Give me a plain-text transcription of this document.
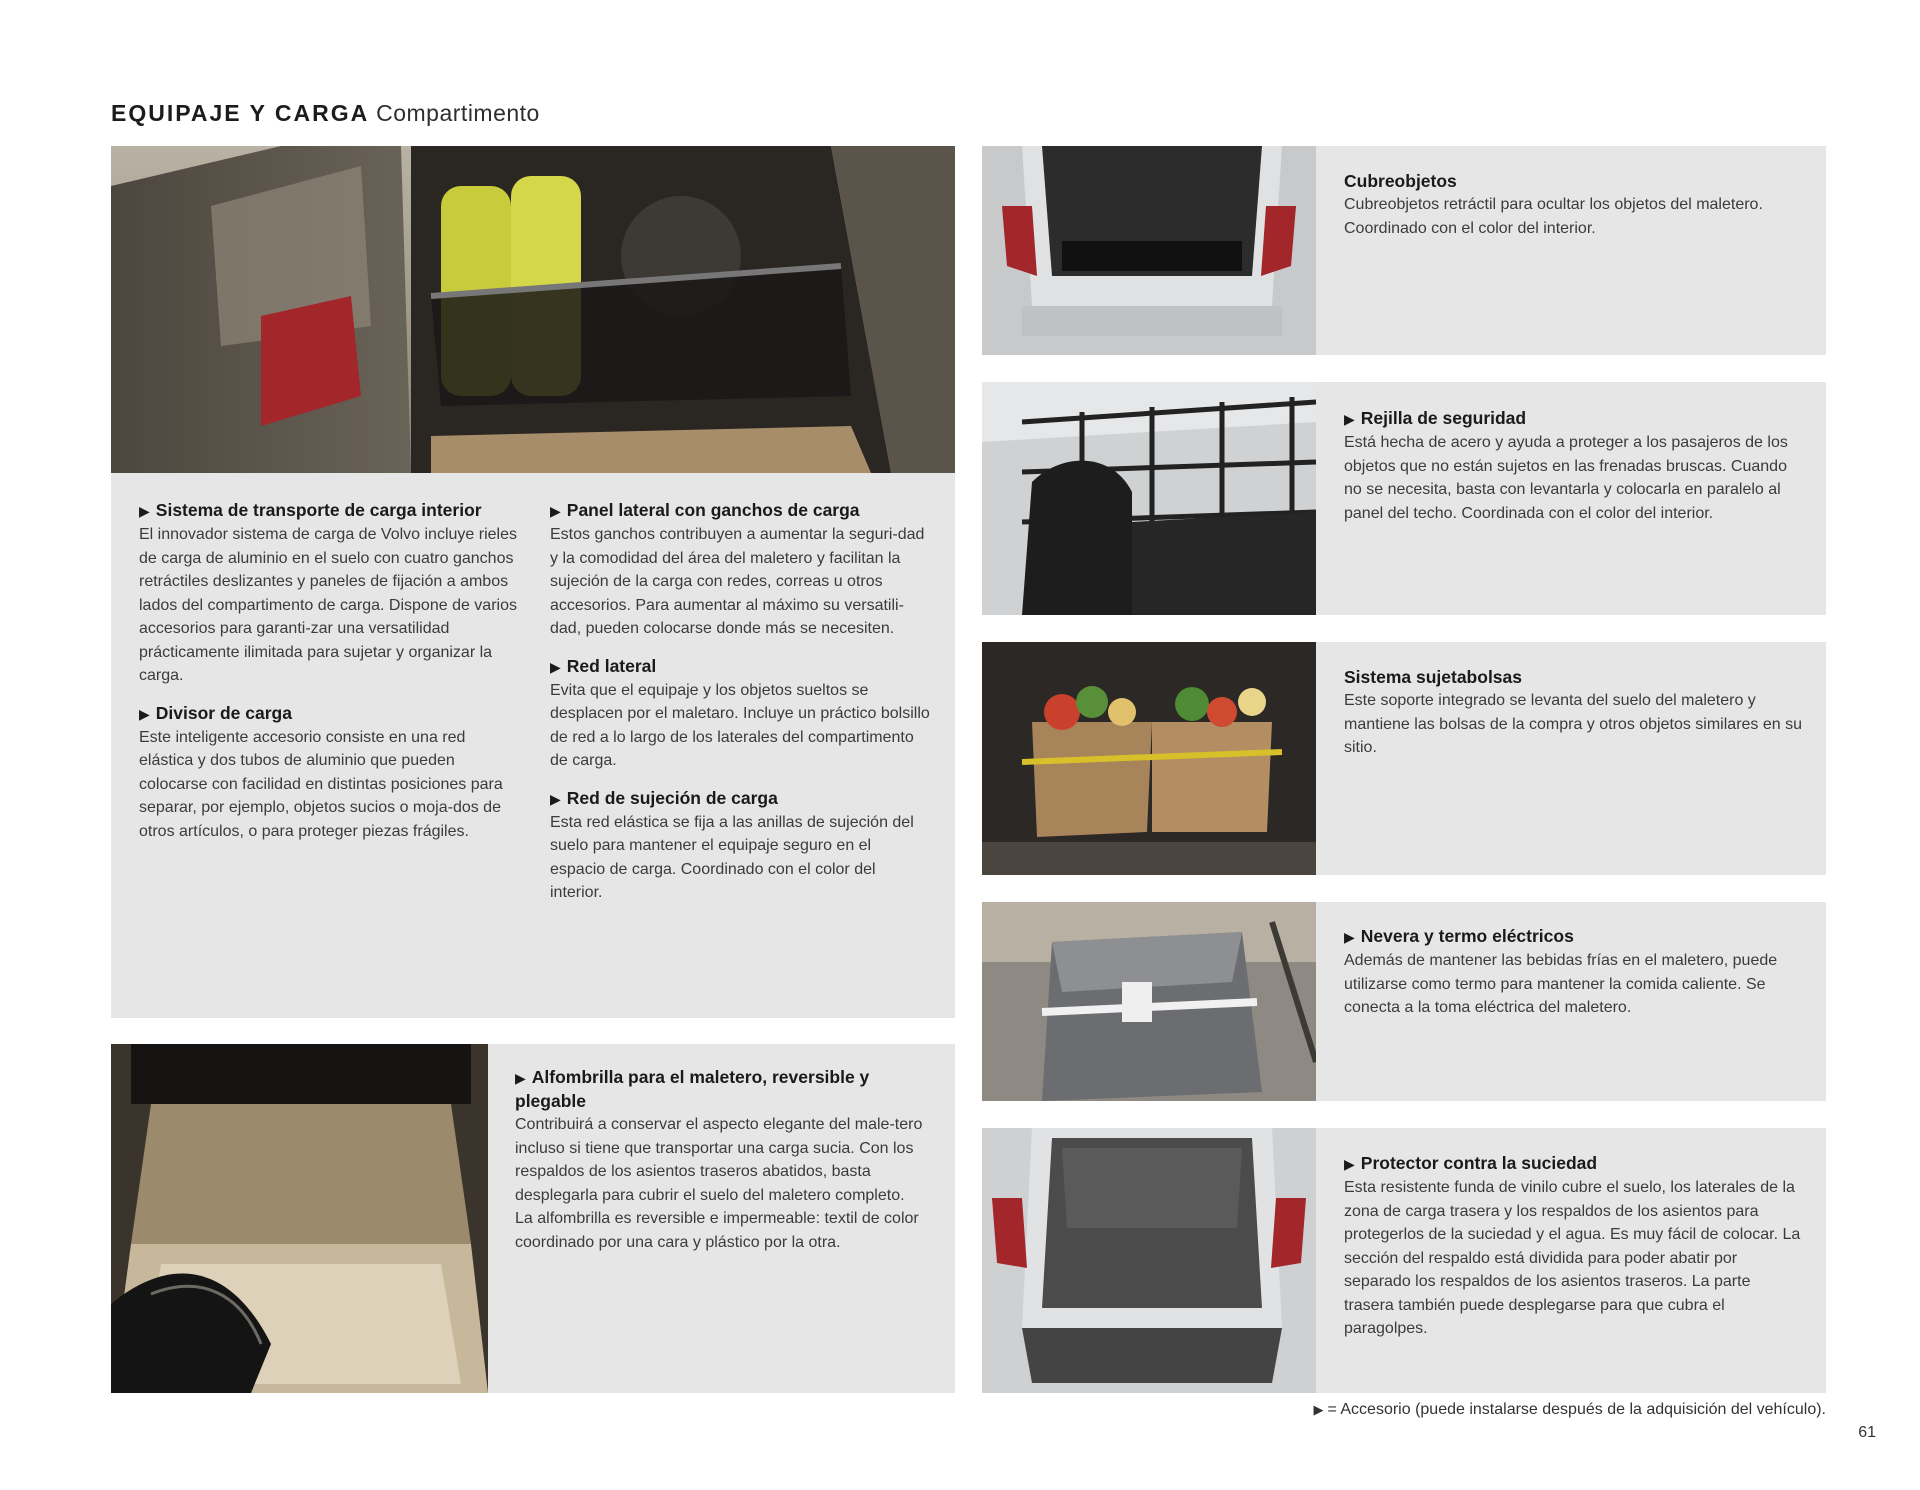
EQUIPAJE Y CARGA Compartimento
▶ Sistema de transporte de carga interior
El innovador sistema de carga de Volvo incluye rieles de carga de aluminio en el suelo con cuatro ganchos retráctiles deslizantes y paneles de fijación a ambos lados del compartimento de carga. Dispone de varios accesorios para garanti-zar una versatilidad prácticamente ilimitada para sujetar y organizar la carga.
▶ Divisor de carga
Este inteligente accesorio consiste en una red elástica y dos tubos de aluminio que pueden colocarse con facilidad en distintas posiciones para separar, por ejemplo, objetos sucios o moja-dos de otros artículos, o para proteger piezas frágiles.
▶ Panel lateral con ganchos de carga
Estos ganchos contribuyen a aumentar la seguri-dad y la comodidad del área del maletero y facilitan la sujeción de la carga con redes, correas u otros accesorios. Para aumentar al máximo su versatili-dad, pueden colocarse donde más se necesiten.
▶ Red lateral
Evita que el equipaje y los objetos sueltos se desplacen por el maletaro. Incluye un práctico bolsillo de red a lo largo de los laterales del compartimento de carga.
▶ Red de sujeción de carga
Esta red elástica se fija a las anillas de sujeción del suelo para mantener el equipaje seguro en el espacio de carga. Coordinado con el color del interior.
▶ Alfombrilla para el maletero, reversible y plegable
Contribuirá a conservar el aspecto elegante del male-tero incluso si tiene que transportar una carga sucia. Con los respaldos de los asientos traseros abatidos, basta desplegarla para cubrir el suelo del maletero completo. La alfombrilla es reversible e impermeable: textil de color coordinado por una cara y plástico por la otra.
Cubreobjetos
Cubreobjetos retráctil para ocultar los objetos del maletero. Coordinado con el color del interior.
▶ Rejilla de seguridad
Está hecha de acero y ayuda a proteger a los pasajeros de los objetos que no están sujetos en las frenadas bruscas. Cuando no se necesita, basta con levantarla y colocarla en paralelo al panel del techo. Coordinada con el color del interior.
Sistema sujetabolsas
Este soporte integrado se levanta del suelo del maletero y mantiene las bolsas de la compra y otros objetos similares en su sitio.
▶ Nevera y termo eléctricos
Además de mantener las bebidas frías en el maletero, puede utilizarse como termo para mantener la comida caliente. Se conecta a la toma eléctrica del maletero.
▶ Protector contra la suciedad
Esta resistente funda de vinilo cubre el suelo, los laterales de la zona de carga trasera y los respaldos de los asientos para protegerlos de la suciedad y el agua. Es muy fácil de colocar. La sección del respaldo está dividida para poder abatir por separado los respaldos de los asientos traseros. La parte trasera también puede desplegarse para que cubra el paragolpes.
▶ = Accesorio (puede instalarse después de la adquisición del vehículo).
61
